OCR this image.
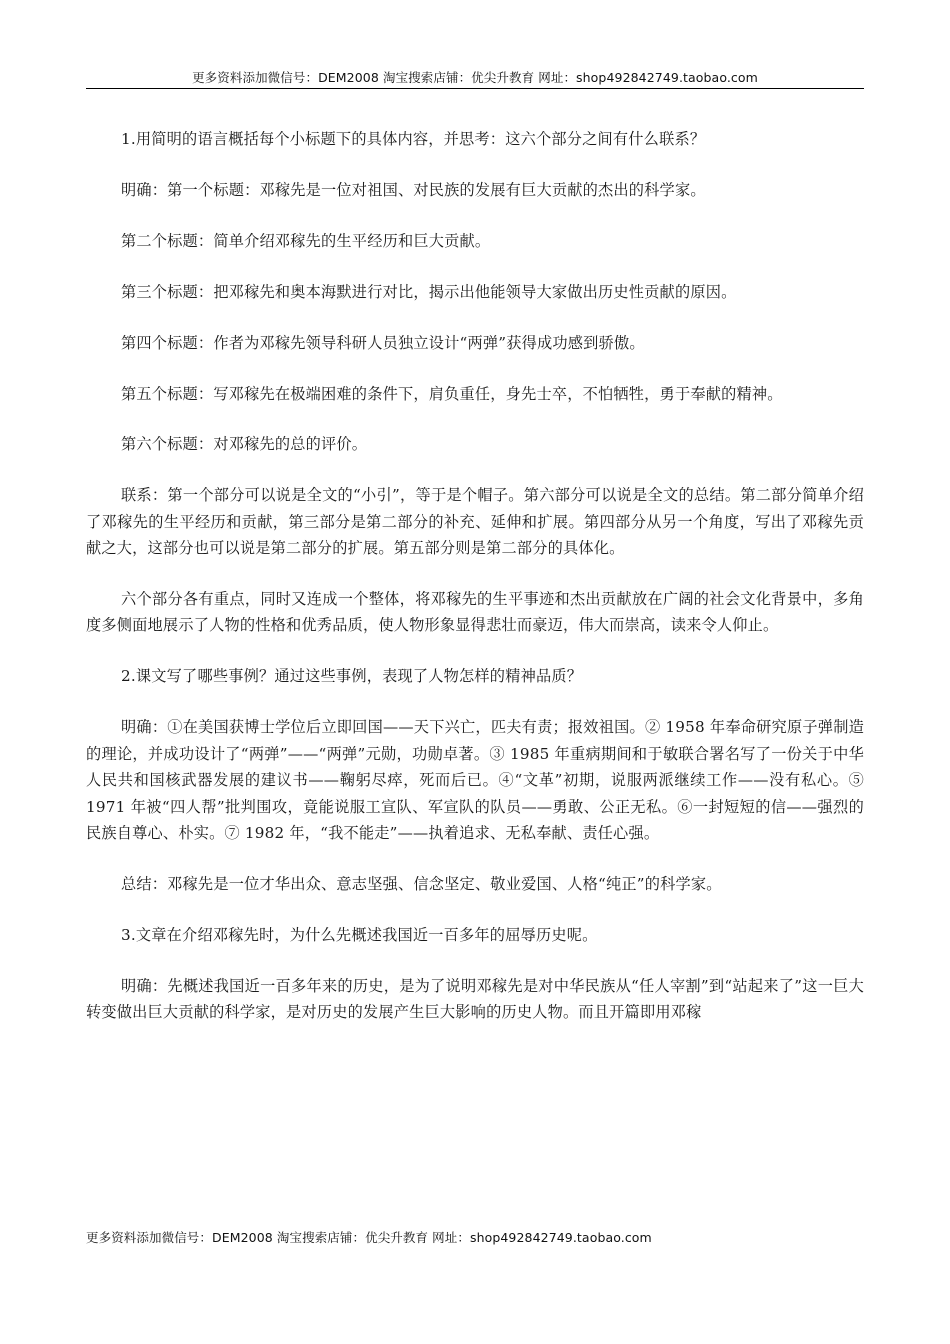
更多资料添加微信号：DEM2008 淘宝搜索店铺：优尖升教育 网址：shop492842749.taobao.com

1.用简明的语言概括每个小标题下的具体内容，并思考：这六个部分之间有什么联系？

明确：第一个标题：邓稼先是一位对祖国、对民族的发展有巨大贡献的杰出的科学家。

第二个标题：简单介绍邓稼先的生平经历和巨大贡献。

第三个标题：把邓稼先和奥本海默进行对比，揭示出他能领导大家做出历史性贡献的原因。

第四个标题：作者为邓稼先领导科研人员独立设计“两弹”获得成功感到骄傲。

第五个标题：写邓稼先在极端困难的条件下，肩负重任，身先士卒，不怕牺牲，勇于奉献的精神。

第六个标题：对邓稼先的总的评价。

联系：第一个部分可以说是全文的“小引”，等于是个帽子。第六部分可以说是全文的总结。第二部分简单介绍了邓稼先的生平经历和贡献，第三部分是第二部分的补充、延伸和扩展。第四部分从另一个角度，写出了邓稼先贡献之大，这部分也可以说是第二部分的扩展。第五部分则是第二部分的具体化。

六个部分各有重点，同时又连成一个整体，将邓稼先的生平事迹和杰出贡献放在广阔的社会文化背景中，多角度多侧面地展示了人物的性格和优秀品质，使人物形象显得悲壮而豪迈，伟大而崇高，读来令人仰止。

2.课文写了哪些事例？通过这些事例，表现了人物怎样的精神品质？

明确：①在美国获博士学位后立即回国——天下兴亡，匹夫有责；报效祖国。② 1958 年奉命研究原子弹制造的理论，并成功设计了“两弹”——“两弹”元勋，功勋卓著。③ 1985 年重病期间和于敏联合署名写了一份关于中华人民共和国核武器发展的建议书——鞠躬尽瘁，死而后已。④“文革”初期，说服两派继续工作——没有私心。⑤ 1971 年被“四人帮”批判围攻，竟能说服工宣队、军宣队的队员——勇敢、公正无私。⑥一封短短的信——强烈的民族自尊心、朴实。⑦ 1982 年，“我不能走”——执着追求、无私奉献、责任心强。

总结：邓稼先是一位才华出众、意志坚强、信念坚定、敬业爱国、人格“纯正”的科学家。

3.文章在介绍邓稼先时，为什么先概述我国近一百多年的屈辱历史呢。

明确：先概述我国近一百多年来的历史，是为了说明邓稼先是对中华民族从“任人宰割”到“站起来了”这一巨大转变做出巨大贡献的科学家，是对历史的发展产生巨大影响的历史人物。而且开篇即用邓稼

更多资料添加微信号：DEM2008 淘宝搜索店铺：优尖升教育 网址：shop492842749.taobao.com
